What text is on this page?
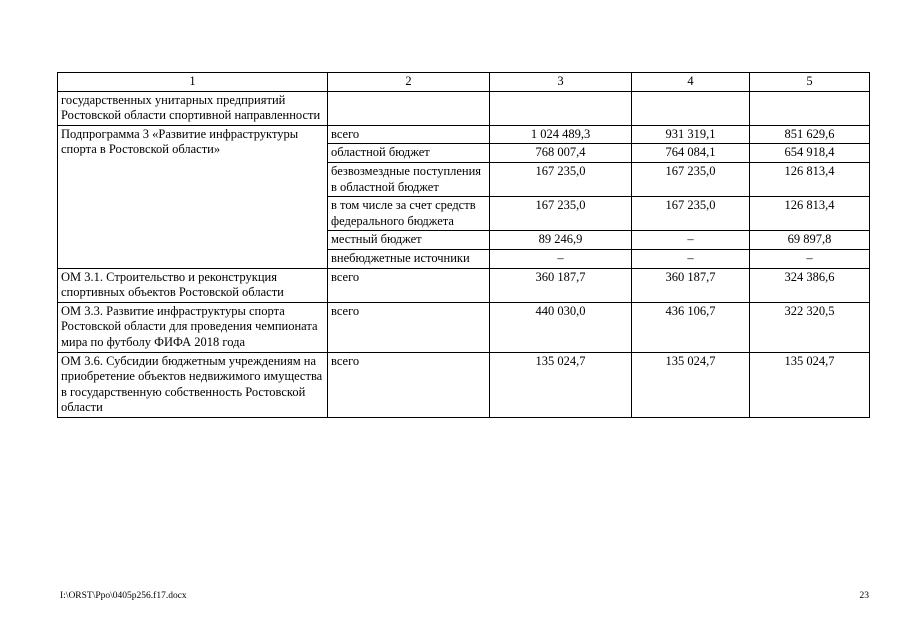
1	2	3	4	5
государственных унитарных предприятий Ростовской области спортивной направленности				
Подпрограмма 3 «Развитие инфраструктуры спорта в Ростовской области»	всего	1 024 489,3	931 319,1	851 629,6
	областной бюджет	768 007,4	764 084,1	654 918,4
	безвозмездные поступления в областной бюджет	167 235,0	167 235,0	126 813,4
	в том числе за счет средств федерального бюджета	167 235,0	167 235,0	126 813,4
	местный бюджет	89 246,9	–	69 897,8
	внебюджетные источники	–	–	–
ОМ 3.1. Строительство и реконструкция спортивных объектов Ростовской области	всего	360 187,7	360 187,7	324 386,6
ОМ 3.3. Развитие инфраструктуры спорта Ростовской области для проведения чемпионата мира по футболу ФИФА 2018 года	всего	440 030,0	436 106,7	322 320,5
ОМ 3.6. Субсидии бюджетным учреждениям на приобретение объектов недвижимого имущества в государственную собственность Ростовской области	всего	135 024,7	135 024,7	135 024,7
I:\ORST\Ppo\0405p256.f17.docx	23
